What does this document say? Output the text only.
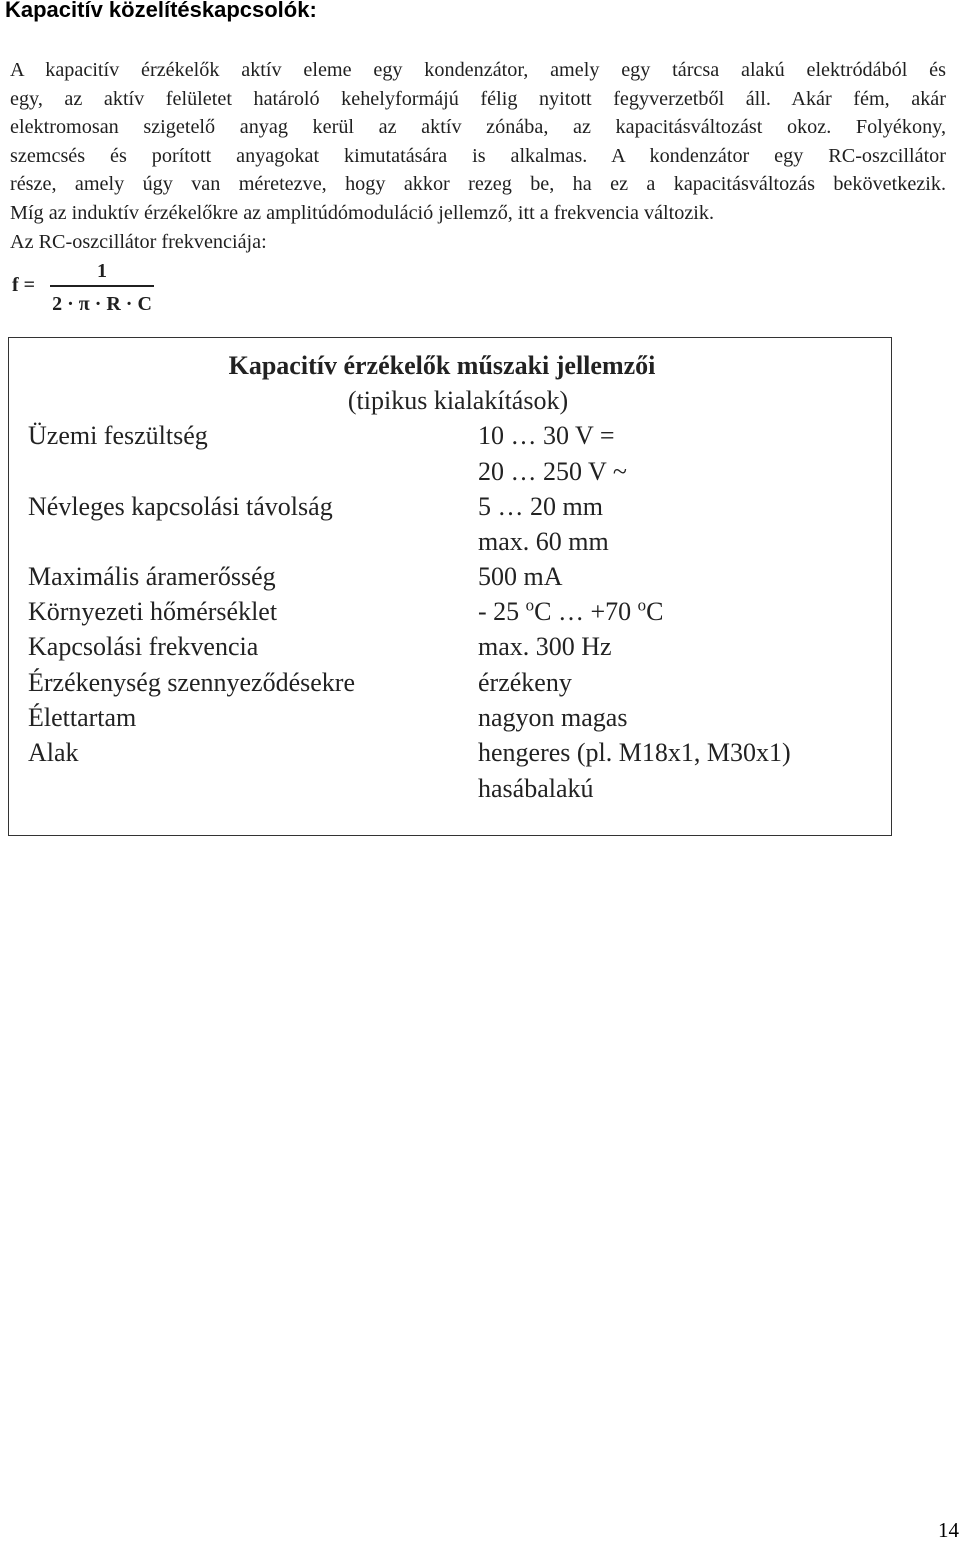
Kapacitív közelítéskapcsolók:
A kapacitív érzékelők aktív eleme egy kondenzátor, amely egy tárcsa alakú elektródából és
egy, az aktív felületet határoló kehelyformájú félig nyitott fegyverzetből áll. Akár fém, akár
elektromosan szigetelő anyag kerül az aktív zónába, az kapacitásváltozást okoz. Folyékony,
szemcsés és porított anyagokat kimutatására is alkalmas. A kondenzátor egy RC-oszcillátor
része, amely úgy van méretezve, hogy akkor rezeg be, ha ez a kapacitásváltozás bekövetkezik.
Míg az induktív érzékelőkre az amplitúdómoduláció jellemző, itt a frekvencia változik.
Az RC-oszcillátor frekvenciája:
f =
1
2 · π · R · C
Kapacitív érzékelők műszaki jellemzői
(tipikus kialakítások)
Üzemi feszültség	10 … 30 V =
20 … 250 V ~
Névleges kapcsolási távolság	5 … 20 mm
max. 60 mm
Maximális áramerősség	500 mA
Környezeti hőmérséklet	- 25 $^o$C … +70 $^o$C
Kapcsolási frekvencia	max. 300 Hz
Érzékenység szennyeződésekre	érzékeny
Élettartam	nagyon magas
Alak	hengeres (pl. M18x1, M30x1)
hasábalakú
14
